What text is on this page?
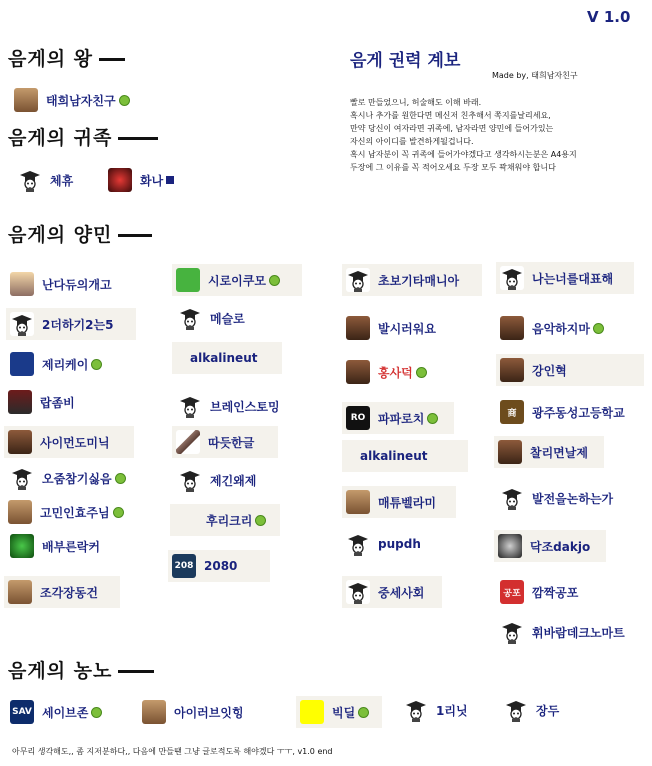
V 1.0
음게의 왕
음게의 귀족
음게의 양민
음게의 농노
음게 권력 계보
Made by, 태희남자친구
빨로 만들었으니, 허술해도 이해 바래.
혹시나 추가를 원한다면 메신저 친추해서 쪽지를날리세요,
만약 당신이 여자라면 귀족에, 남자라면 양민에 들어가있는
자신의 아이디를 발견하게될겁니다.
혹시 남자분이 꼭 귀족에 들어가야겠다고 생각하시는분은 A4용지
두장에 그 이유를 꼭 적어오세요 두장 모두 꽉채워야 합니다
아무리 생각해도,, 좀 지저분하다,, 다음에 만들땐 그냥 글로적도록 해야겠다 ㅜㅜ, v1.0 end
태희남자친구
체휴	화나
난다듀의개고
2더하기2는5
제리케이
랍좀비
사이먼도미닉
오줌참기싫음
고민인효주님
배부른락커
조각장동건
시로이쿠모
메슬로
alkalineut
브레인스토밍
따듯한글
제긴왜제
후리크리
208 2080
초보기타매니아
발시러워요
홍사덕
RO	파파로치
alkalineut
매튜벨라미
pupdh
중세사회
나는너를대표해
음악하지마
강인혁
商	광주동성고등학교
찰리면날제
발전을논하는가
닥조dakjo
공포 깜짝공포
휘바람데크노마트
SAV 세이브존	아이러브잇힝	빅딜	1리닛	장두
